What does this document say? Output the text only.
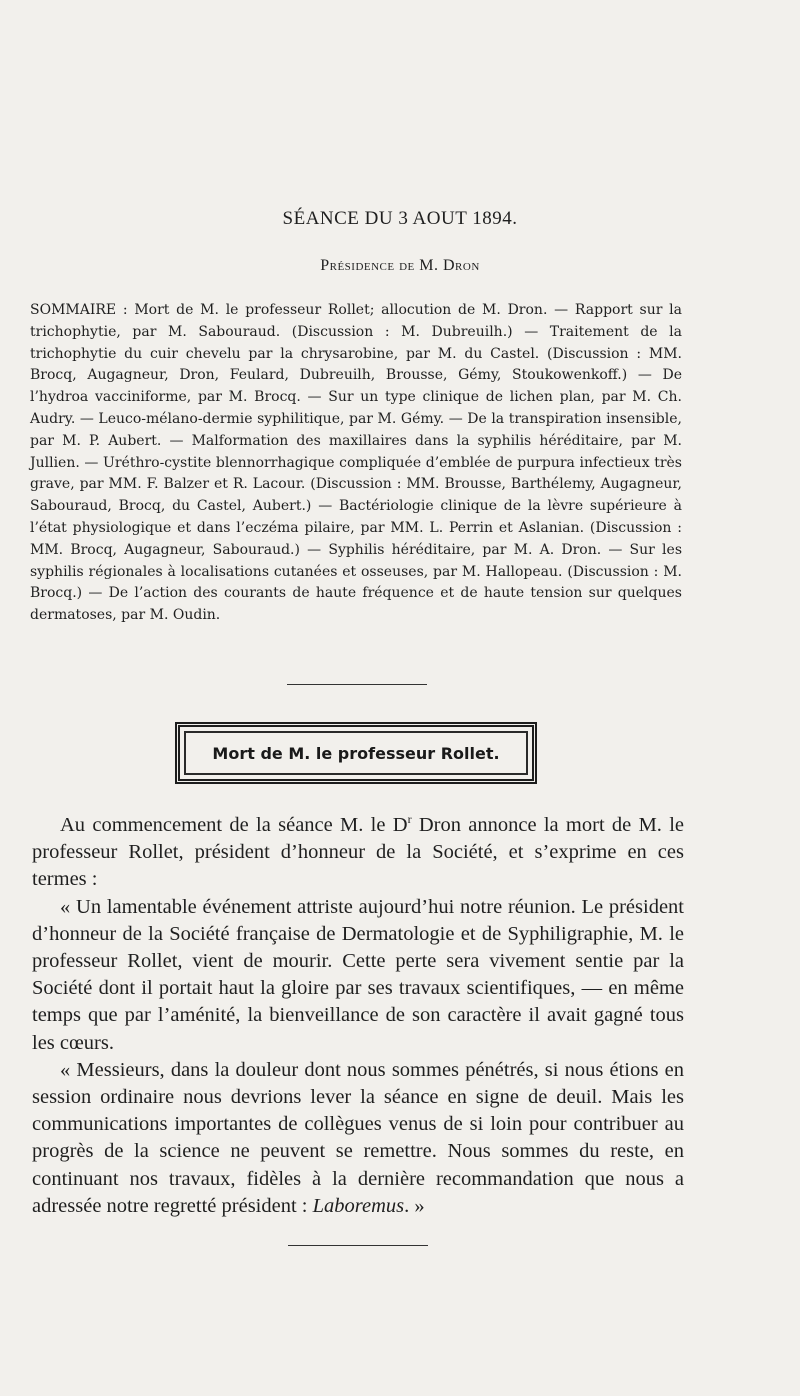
SÉANCE DU 3 AOUT 1894.
Présidence de M. Dron
SOMMAIRE : Mort de M. le professeur Rollet; allocution de M. Dron. — Rapport sur la trichophytie, par M. Sabouraud. (Discussion : M. Dubreuilh.) — Traitement de la trichophytie du cuir chevelu par la chrysarobine, par M. du Castel. (Discussion : MM. Brocq, Augagneur, Dron, Feulard, Dubreuilh, Brousse, Gémy, Stoukowenkoff.) — De l’hydroa vacciniforme, par M. Brocq. — Sur un type clinique de lichen plan, par M. Ch. Audry. — Leuco-mélano-dermie syphilitique, par M. Gémy. — De la transpiration insensible, par M. P. Aubert. — Malformation des maxillaires dans la syphilis héréditaire, par M. Jullien. — Uréthro-cystite blennorrhagique compliquée d’emblée de purpura infectieux très grave, par MM. F. Balzer et R. Lacour. (Discussion : MM. Brousse, Barthélemy, Augagneur, Sabouraud, Brocq, du Castel, Aubert.) — Bactériologie clinique de la lèvre supérieure à l’état physiologique et dans l’eczéma pilaire, par MM. L. Perrin et Aslanian. (Discussion : MM. Brocq, Augagneur, Sabouraud.) — Syphilis héréditaire, par M. A. Dron. — Sur les syphilis régionales à localisations cutanées et osseuses, par M. Hallopeau. (Discussion : M. Brocq.) — De l’action des courants de haute fréquence et de haute tension sur quelques dermatoses, par M. Oudin.
Mort de M. le professeur Rollet.

Au commencement de la séance M. le $D^r$ Dron annonce la mort de M. le professeur Rollet, président d’honneur de la Société, et s’exprime en ces termes :

« Un lamentable événement attriste aujourd’hui notre réunion. Le président d’honneur de la Société française de Dermatologie et de Syphiligraphie, M. le professeur Rollet, vient de mourir. Cette perte sera vivement sentie par la Société dont il portait haut la gloire par ses travaux scientifiques, — en même temps que par l’aménité, la bienveillance de son caractère il avait gagné tous les cœurs.

« Messieurs, dans la douleur dont nous sommes pénétrés, si nous étions en session ordinaire nous devrions lever la séance en signe de deuil. Mais les communications importantes de collègues venus de si loin pour contribuer au progrès de la science ne peuvent se remettre. Nous sommes du reste, en continuant nos travaux, fidèles à la dernière recommandation que nous a adressée notre regretté président : Laboremus. »
